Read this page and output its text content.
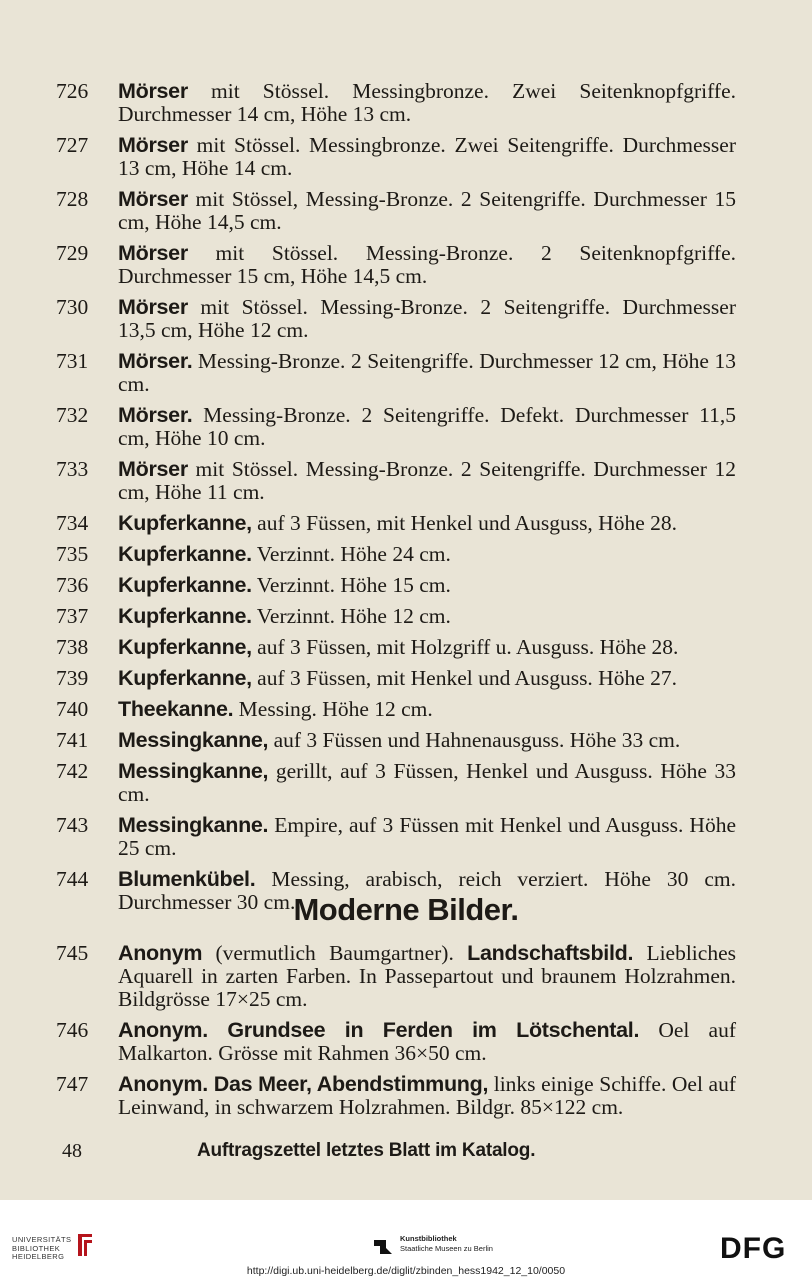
726	Mörser mit Stössel. Messingbronze. Zwei Seitenknopfgriffe. Durchmesser 14 cm, Höhe 13 cm.
727	Mörser mit Stössel. Messingbronze. Zwei Seitengriffe. Durchmesser 13 cm, Höhe 14 cm.
728	Mörser mit Stössel, Messing-Bronze. 2 Seitengriffe. Durchmesser 15 cm, Höhe 14,5 cm.
729	Mörser mit Stössel. Messing-Bronze. 2 Seitenknopfgriffe. Durchmesser 15 cm, Höhe 14,5 cm.
730	Mörser mit Stössel. Messing-Bronze. 2 Seitengriffe. Durchmesser 13,5 cm, Höhe 12 cm.
731	Mörser. Messing-Bronze. 2 Seitengriffe. Durchmesser 12 cm, Höhe 13 cm.
732	Mörser. Messing-Bronze. 2 Seitengriffe. Defekt. Durchmesser 11,5 cm, Höhe 10 cm.
733	Mörser mit Stössel. Messing-Bronze. 2 Seitengriffe. Durchmesser 12 cm, Höhe 11 cm.
734	Kupferkanne, auf 3 Füssen, mit Henkel und Ausguss, Höhe 28.
735	Kupferkanne. Verzinnt. Höhe 24 cm.
736	Kupferkanne. Verzinnt. Höhe 15 cm.
737	Kupferkanne. Verzinnt. Höhe 12 cm.
738	Kupferkanne, auf 3 Füssen, mit Holzgriff u. Ausguss. Höhe 28.
739	Kupferkanne, auf 3 Füssen, mit Henkel und Ausguss. Höhe 27.
740	Theekanne. Messing. Höhe 12 cm.
741	Messingkanne, auf 3 Füssen und Hahnenausguss. Höhe 33 cm.
742	Messingkanne, gerillt, auf 3 Füssen, Henkel und Ausguss. Höhe 33 cm.
743	Messingkanne. Empire, auf 3 Füssen mit Henkel und Ausguss. Höhe 25 cm.
744	Blumenkübel. Messing, arabisch, reich verziert. Höhe 30 cm. Durchmesser 30 cm.
Moderne Bilder.
745	Anonym (vermutlich Baumgartner). Landschaftsbild. Liebliches Aquarell in zarten Farben. In Passepartout und braunem Holzrahmen. Bildgrösse 17×25 cm.
746	Anonym. Grundsee in Ferden im Lötschental. Oel auf Malkarton. Grösse mit Rahmen 36×50 cm.
747	Anonym. Das Meer, Abendstimmung, links einige Schiffe. Oel auf Leinwand, in schwarzem Holzrahmen. Bildgr. 85×122 cm.
48	Auftragszettel letztes Blatt im Katalog.
UNIVERSITÄTS
BIBLIOTHEK
HEIDELBERG
Kunstbibliothek
Staatliche Museen zu Berlin	DFG
http://digi.ub.uni-heidelberg.de/diglit/zbinden_hess1942_12_10/0050
